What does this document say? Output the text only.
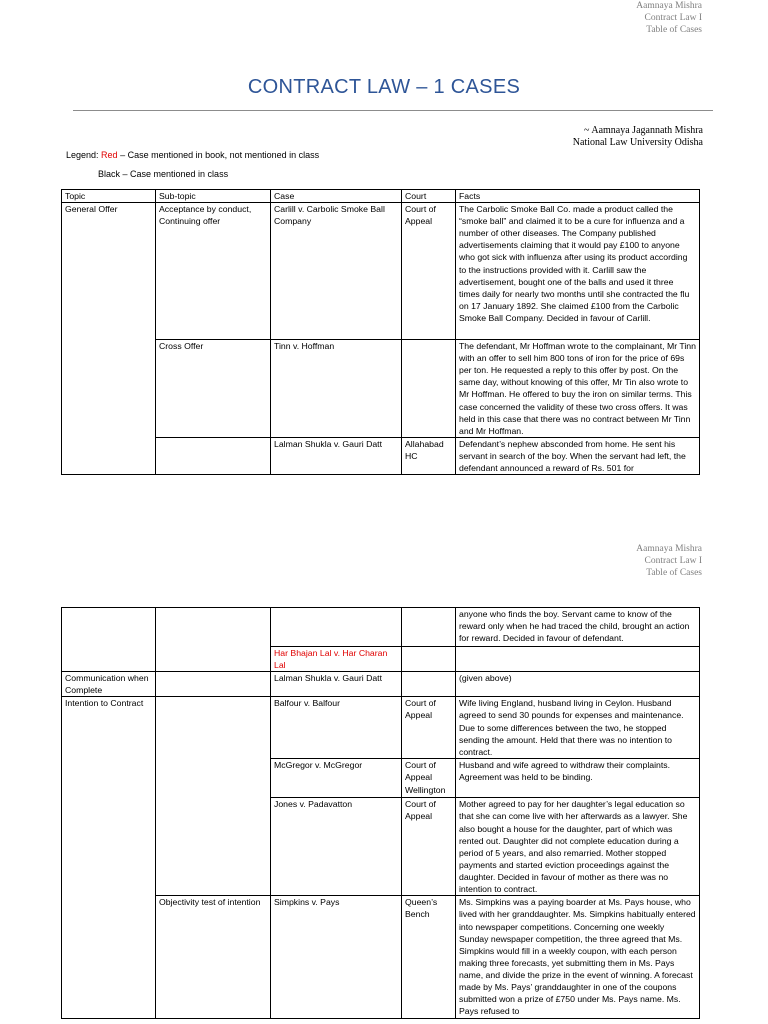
Aamnaya Mishra
Contract Law I
Table of Cases
CONTRACT LAW – 1 CASES
~ Aamnaya Jagannath Mishra
National Law University Odisha
Legend: Red – Case mentioned in book, not mentioned in class
Black – Case mentioned in class
Topic	Sub-topic	Case	Court	Facts
General Offer	Acceptance by conduct, Continuing offer	Carlill v. Carbolic Smoke Ball Company	Court of Appeal	The Carbolic Smoke Ball Co. made a product called the “smoke ball” and claimed it to be a cure for influenza and a number of other diseases. The Company published advertisements claiming that it would pay £100 to anyone who got sick with influenza after using its product according to the instructions provided with it. Carlill saw the advertisement, bought one of the balls and used it three times daily for nearly two months until she contracted the flu on 17 January 1892. She claimed £100 from the Carbolic Smoke Ball Company. Decided in favour of Carlill.
	Cross Offer	Tinn v. Hoffman		The defendant, Mr Hoffman wrote to the complainant, Mr Tinn with an offer to sell him 800 tons of iron for the price of 69s per ton. He requested a reply to this offer by post. On the same day, without knowing of this offer, Mr Tin also wrote to Mr Hoffman. He offered to buy the iron on similar terms. This case concerned the validity of these two cross offers. It was held in this case that there was no contract between Mr Tinn and Mr Hoffman.
		Lalman Shukla v. Gauri Datt	Allahabad HC	Defendant’s nephew absconded from home. He sent his servant in search of the boy. When the servant had left, the defendant announced a reward of Rs. 501 for
Aamnaya Mishra
Contract Law I
Table of Cases
				anyone who finds the boy. Servant came to know of the reward only when he had traced the child, brought an action for reward. Decided in favour of defendant.
		Har Bhajan Lal v. Har Charan Lal		
Communication when Complete		Lalman Shukla v. Gauri Datt		(given above)
Intention to Contract		Balfour v. Balfour	Court of Appeal	Wife living England, husband living in Ceylon. Husband agreed to send 30 pounds for expenses and maintenance. Due to some differences between the two, he stopped sending the amount. Held that there was no intention to contract.
		McGregor v. McGregor	Court of Appeal Wellington	Husband and wife agreed to withdraw their complaints. Agreement was held to be binding.
		Jones v. Padavatton	Court of Appeal	Mother agreed to pay for her daughter’s legal education so that she can come live with her afterwards as a lawyer. She also bought a house for the daughter, part of which was rented out. Daughter did not complete education during a period of 5 years, and also remarried. Mother stopped payments and started eviction proceedings against the daughter. Decided in favour of mother as there was no intention to contract.
	Objectivity test of intention	Simpkins v. Pays	Queen’s Bench	Ms. Simpkins was a paying boarder at Ms. Pays house, who lived with her granddaughter. Ms. Simpkins habitually entered into newspaper competitions. Concerning one weekly Sunday newspaper competition, the three agreed that Ms. Simpkins would fill in a weekly coupon, with each person making three forecasts, yet submitting them in Ms. Pays name, and divide the prize in the event of winning. A forecast made by Ms. Pays’ granddaughter in one of the coupons submitted won a prize of £750 under Ms. Pays name. Ms. Pays refused to
